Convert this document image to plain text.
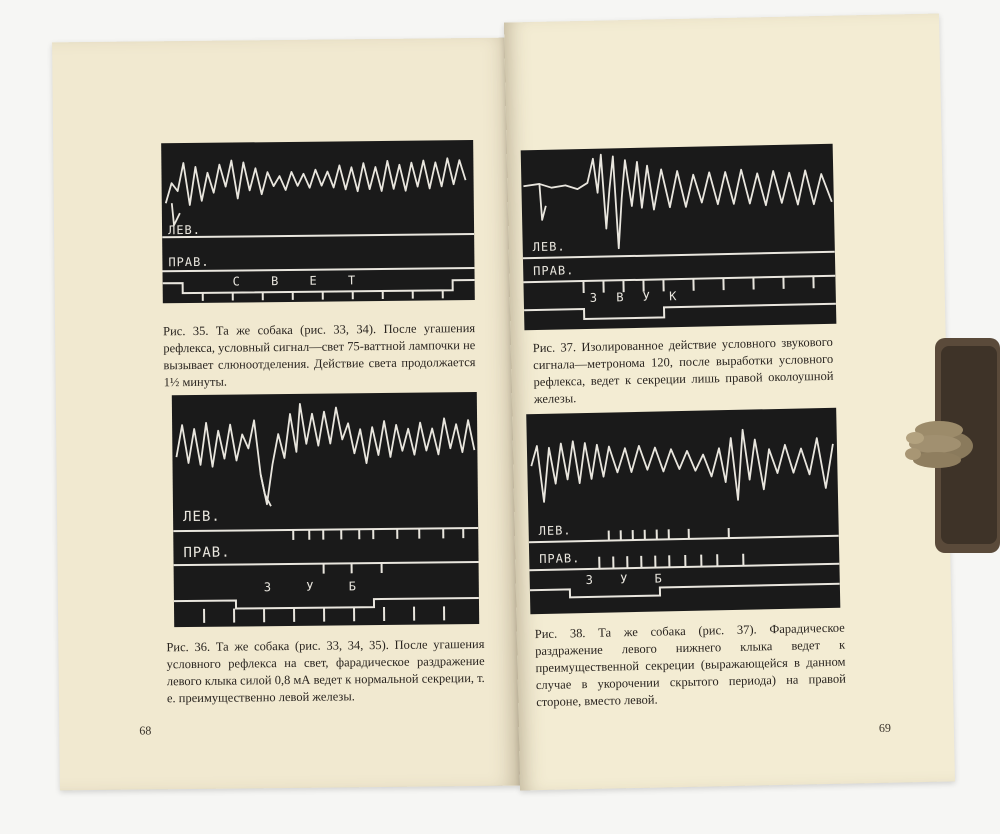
ЛЕВ.
ПРАВ.
С В Е Т
Рис. 35. Та же собака (рис. 33, 34). После угашения рефлекса, условный сигнал—свет 75-ваттной лампочки не вызывает слюноотделения. Действие света продолжается 1½ минуты.
ЛЕВ.
ПРАВ.
З У Б
Рис. 36. Та же собака (рис. 33, 34, 35). После угашения условного рефлекса на свет, фарадическое раздражение левого клыка силой 0,8 мА ведет к нормальной секреции, т. е. преимущественно левой железы.
68
ЛЕВ.
ПРАВ.
З В У К
Рис. 37. Изолированное действие условного звукового сигнала—метронома 120, после выработки условного рефлекса, ведет к секреции лишь правой околоушной железы.
ЛЕВ.
ПРАВ.
З У Б
Рис. 38. Та же собака (рис. 37). Фарадическое раздражение левого нижнего клыка ведет к преимущественной секреции (выражающейся в данном случае в укорочении скрытого периода) на правой стороне, вместо левой.
69
